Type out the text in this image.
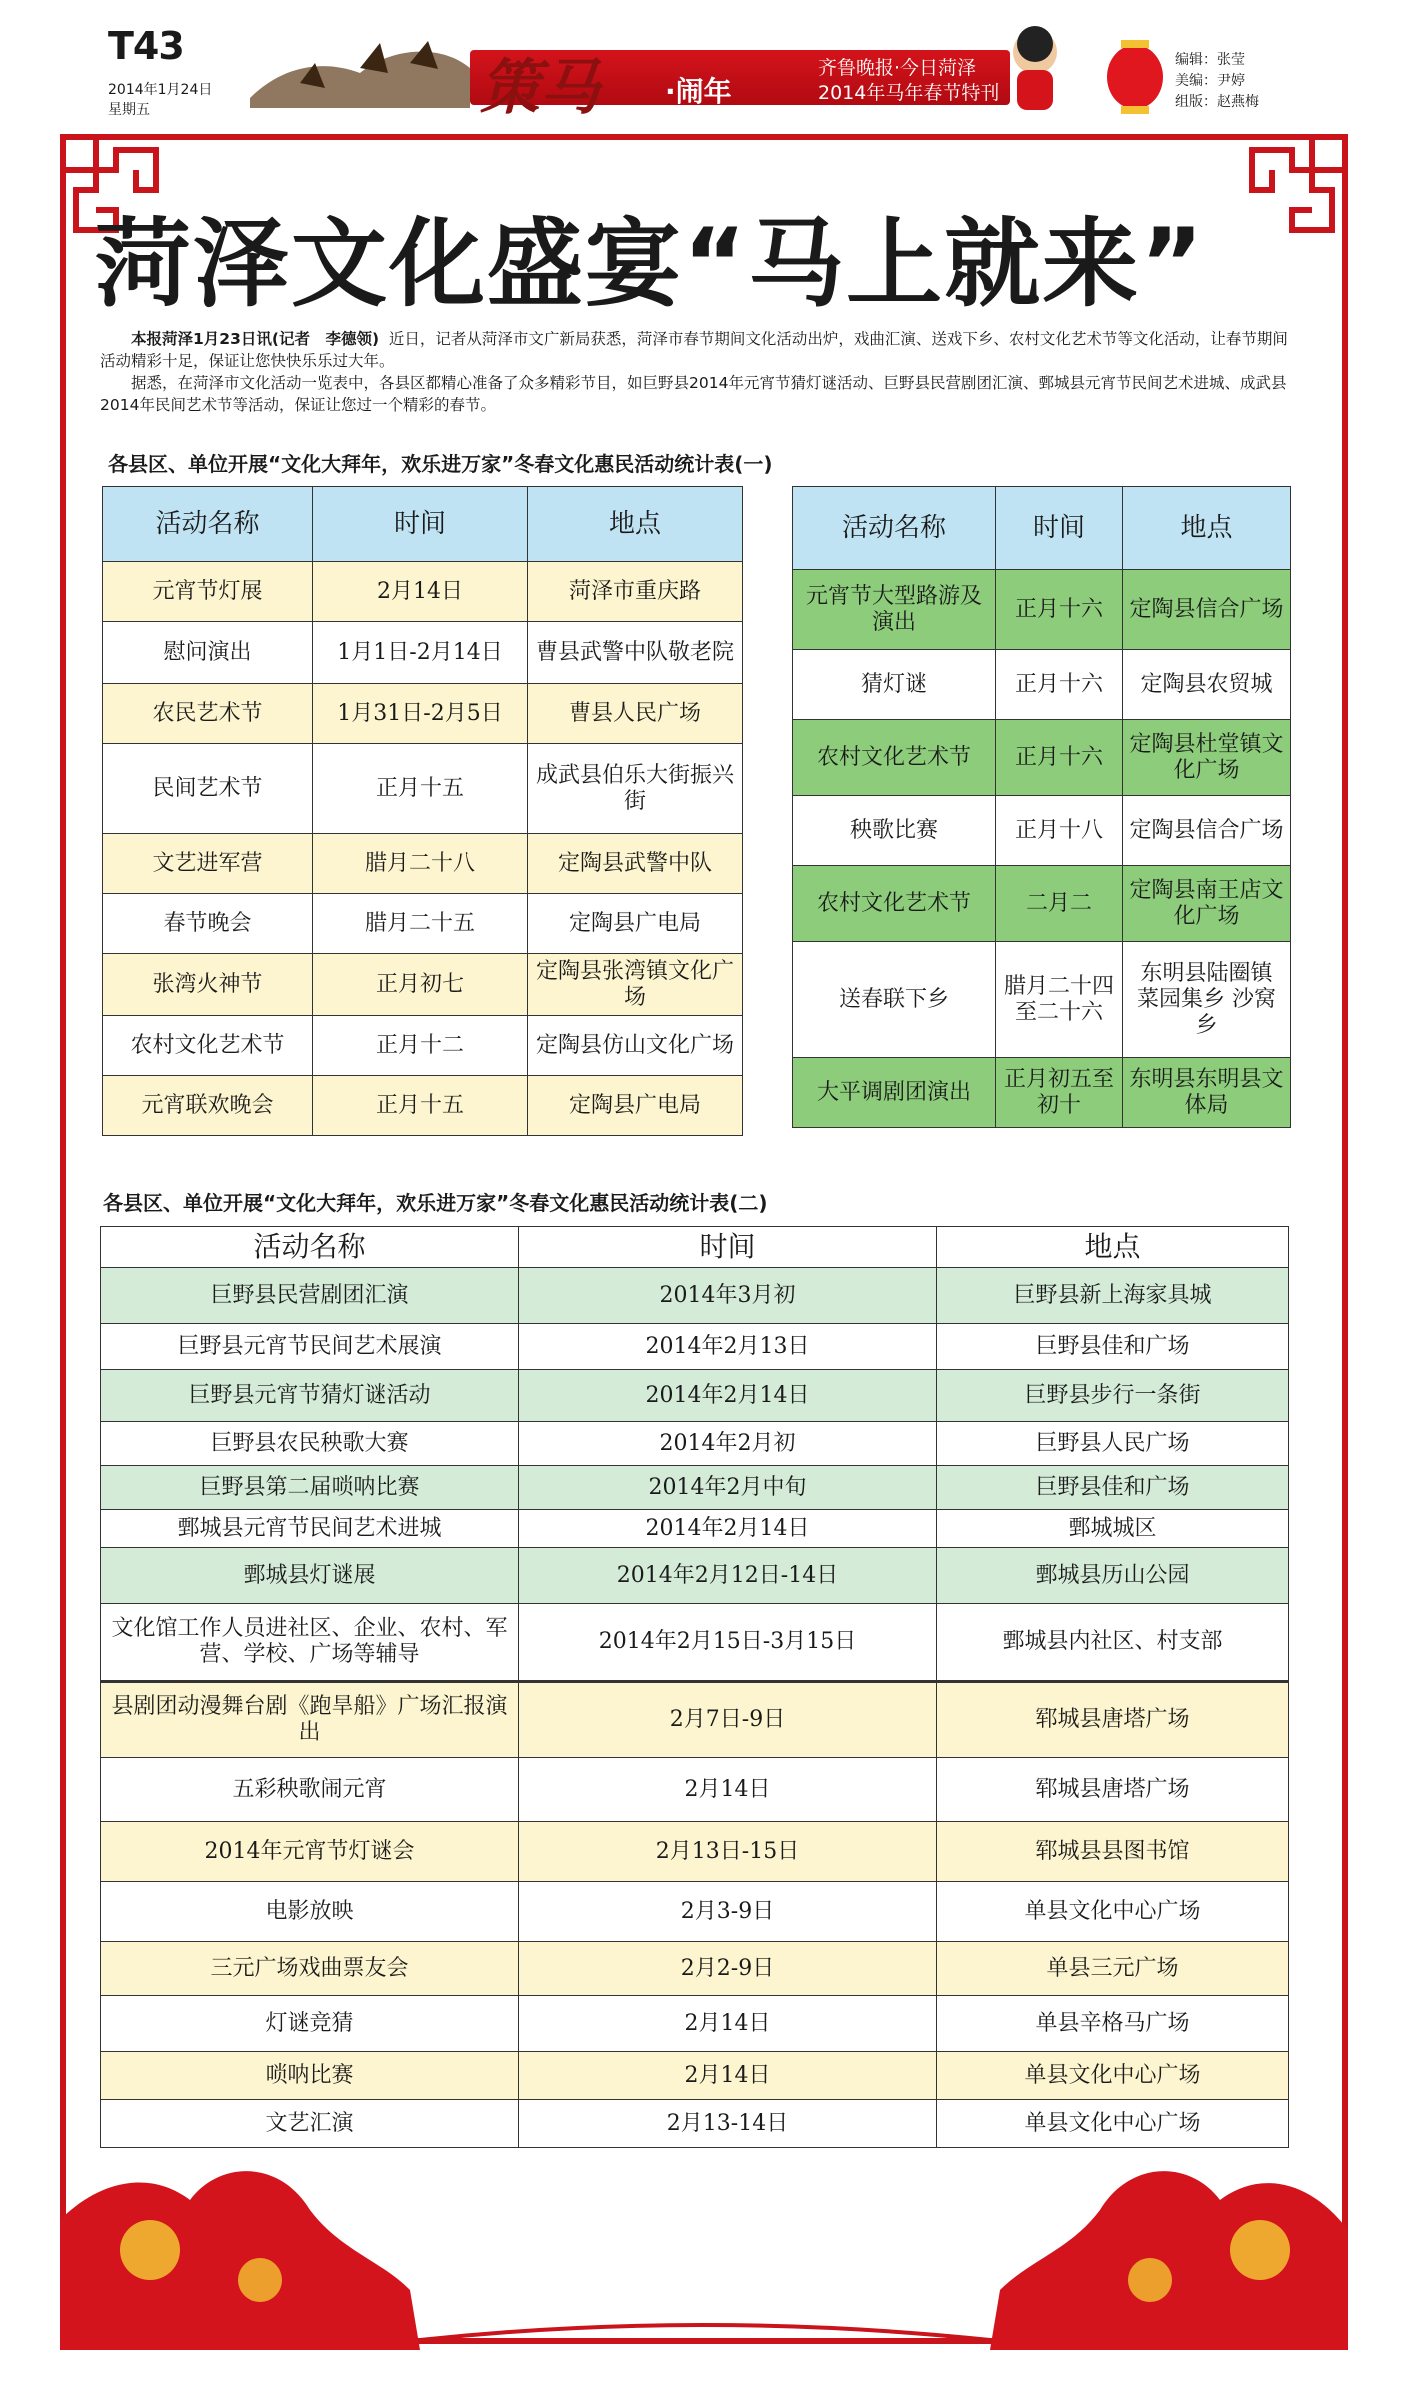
T43
2014年1月24日
星期五	策马 ·闹年
齐鲁晚报·今日菏泽
2014年马年春节特刊
编辑：张莹
美编：尹婷
组版：赵燕梅
菏泽文化盛宴“马上就来”

本报菏泽1月23日讯(记者　李德领) 近日，记者从菏泽市文广新局获悉，菏泽市春节期间文化活动出炉，戏曲汇演、送戏下乡、农村文化艺术节等文化活动，让春节期间活动精彩十足，保证让您快快乐乐过大年。

据悉，在菏泽市文化活动一览表中，各县区都精心准备了众多精彩节目，如巨野县2014年元宵节猜灯谜活动、巨野县民营剧团汇演、鄄城县元宵节民间艺术进城、成武县2014年民间艺术节等活动，保证让您过一个精彩的春节。

各县区、单位开展“文化大拜年，欢乐进万家”冬春文化惠民活动统计表(一)
活动名称	时间	地点
元宵节灯展	2月14日	菏泽市重庆路
慰问演出	1月1日-2月14日	曹县武警中队敬老院
农民艺术节	1月31日-2月5日	曹县人民广场
民间艺术节	正月十五	成武县伯乐大街振兴街
文艺进军营	腊月二十八	定陶县武警中队
春节晚会	腊月二十五	定陶县广电局
张湾火神节	正月初七	定陶县张湾镇文化广场
农村文化艺术节	正月十二	定陶县仿山文化广场
元宵联欢晚会	正月十五	定陶县广电局
活动名称	时间	地点
元宵节大型路游及演出	正月十六	定陶县信合广场
猜灯谜	正月十六	定陶县农贸城
农村文化艺术节	正月十六	定陶县杜堂镇文化广场
秧歌比赛	正月十八	定陶县信合广场
农村文化艺术节	二月二	定陶县南王店文化广场
送春联下乡	腊月二十四至二十六	东明县陆圈镇 菜园集乡 沙窝乡
大平调剧团演出	正月初五至初十	东明县东明县文体局
各县区、单位开展“文化大拜年，欢乐进万家”冬春文化惠民活动统计表(二)
活动名称	时间	地点
巨野县民营剧团汇演	2014年3月初	巨野县新上海家具城
巨野县元宵节民间艺术展演	2014年2月13日	巨野县佳和广场
巨野县元宵节猜灯谜活动	2014年2月14日	巨野县步行一条街
巨野县农民秧歌大赛	2014年2月初	巨野县人民广场
巨野县第二届唢呐比赛	2014年2月中旬	巨野县佳和广场
鄄城县元宵节民间艺术进城	2014年2月14日	鄄城城区
鄄城县灯谜展	2014年2月12日-14日	鄄城县历山公园
文化馆工作人员进社区、企业、农村、军营、学校、广场等辅导	2014年2月15日-3月15日	鄄城县内社区、村支部
县剧团动漫舞台剧《跑旱船》广场汇报演出	2月7日-9日	郓城县唐塔广场
五彩秧歌闹元宵	2月14日	郓城县唐塔广场
2014年元宵节灯谜会	2月13日-15日	郓城县县图书馆
电影放映	2月3-9日	单县文化中心广场
三元广场戏曲票友会	2月2-9日	单县三元广场
灯谜竞猜	2月14日	单县辛格马广场
唢呐比赛	2月14日	单县文化中心广场
文艺汇演	2月13-14日	单县文化中心广场
